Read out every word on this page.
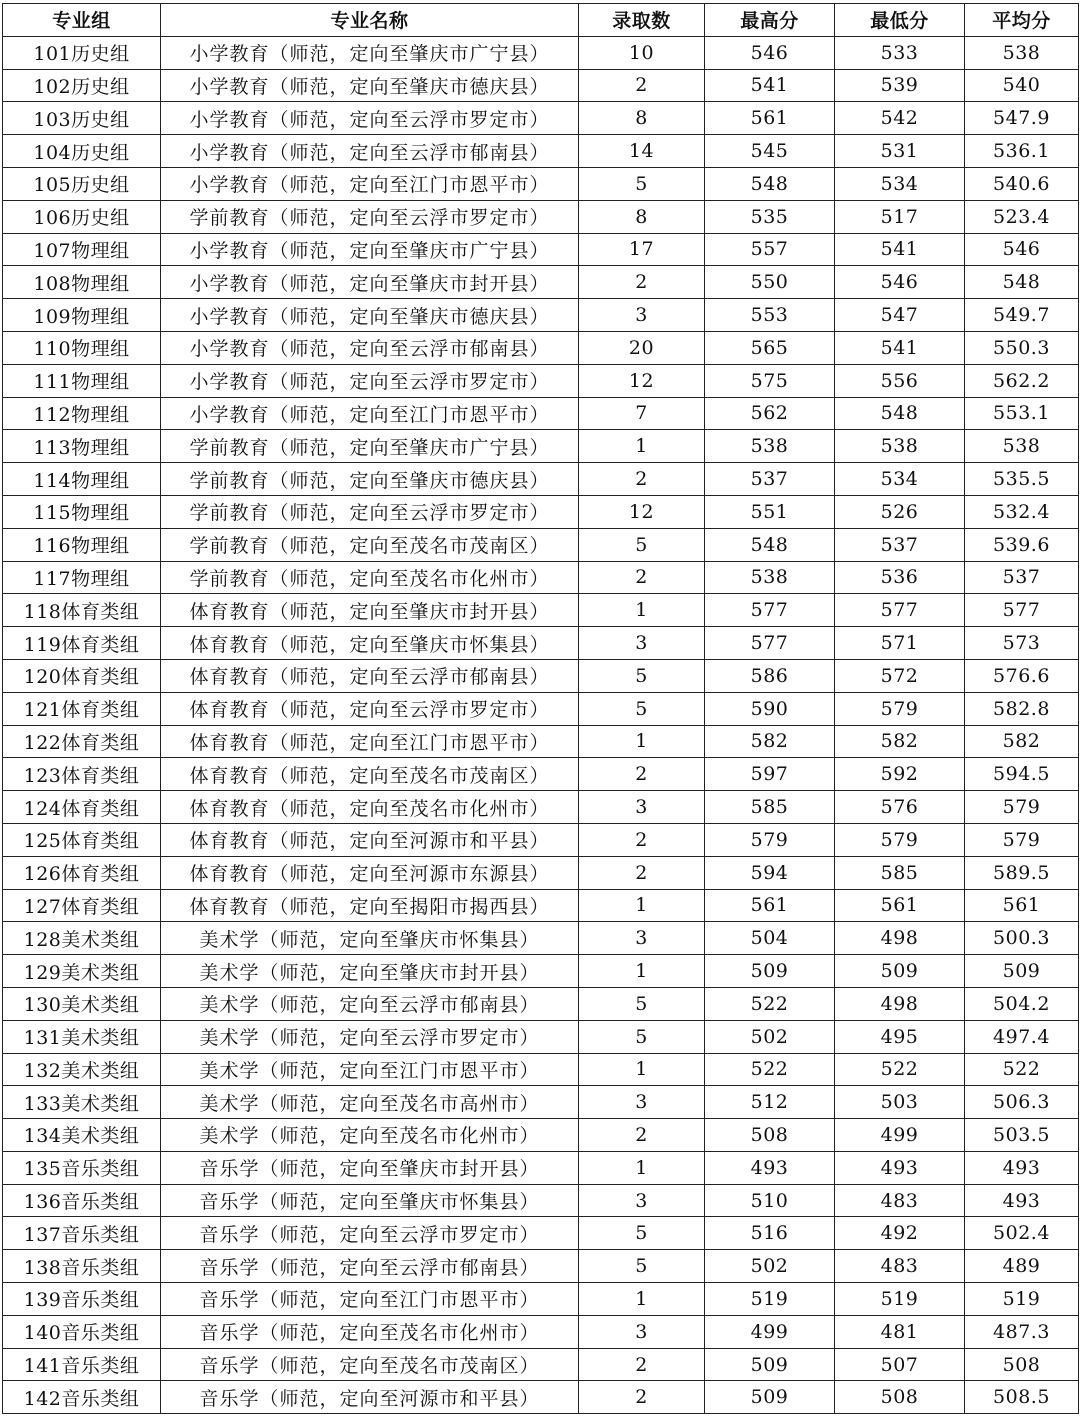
专业组	专业名称	录取数	最高分	最低分	平均分
101历史组	小学教育（师范，定向至肇庆市广宁县）	10	546	533	538
102历史组	小学教育（师范，定向至肇庆市德庆县）	2	541	539	540
103历史组	小学教育（师范，定向至云浮市罗定市）	8	561	542	547.9
104历史组	小学教育（师范，定向至云浮市郁南县）	14	545	531	536.1
105历史组	小学教育（师范，定向至江门市恩平市）	5	548	534	540.6
106历史组	学前教育（师范，定向至云浮市罗定市）	8	535	517	523.4
107物理组	小学教育（师范，定向至肇庆市广宁县）	17	557	541	546
108物理组	小学教育（师范，定向至肇庆市封开县）	2	550	546	548
109物理组	小学教育（师范，定向至肇庆市德庆县）	3	553	547	549.7
110物理组	小学教育（师范，定向至云浮市郁南县）	20	565	541	550.3
111物理组	小学教育（师范，定向至云浮市罗定市）	12	575	556	562.2
112物理组	小学教育（师范，定向至江门市恩平市）	7	562	548	553.1
113物理组	学前教育（师范，定向至肇庆市广宁县）	1	538	538	538
114物理组	学前教育（师范，定向至肇庆市德庆县）	2	537	534	535.5
115物理组	学前教育（师范，定向至云浮市罗定市）	12	551	526	532.4
116物理组	学前教育（师范，定向至茂名市茂南区）	5	548	537	539.6
117物理组	学前教育（师范，定向至茂名市化州市）	2	538	536	537
118体育类组	体育教育（师范，定向至肇庆市封开县）	1	577	577	577
119体育类组	体育教育（师范，定向至肇庆市怀集县）	3	577	571	573
120体育类组	体育教育（师范，定向至云浮市郁南县）	5	586	572	576.6
121体育类组	体育教育（师范，定向至云浮市罗定市）	5	590	579	582.8
122体育类组	体育教育（师范，定向至江门市恩平市）	1	582	582	582
123体育类组	体育教育（师范，定向至茂名市茂南区）	2	597	592	594.5
124体育类组	体育教育（师范，定向至茂名市化州市）	3	585	576	579
125体育类组	体育教育（师范，定向至河源市和平县）	2	579	579	579
126体育类组	体育教育（师范，定向至河源市东源县）	2	594	585	589.5
127体育类组	体育教育（师范，定向至揭阳市揭西县）	1	561	561	561
128美术类组	美术学（师范，定向至肇庆市怀集县）	3	504	498	500.3
129美术类组	美术学（师范，定向至肇庆市封开县）	1	509	509	509
130美术类组	美术学（师范，定向至云浮市郁南县）	5	522	498	504.2
131美术类组	美术学（师范，定向至云浮市罗定市）	5	502	495	497.4
132美术类组	美术学（师范，定向至江门市恩平市）	1	522	522	522
133美术类组	美术学（师范，定向至茂名市高州市）	3	512	503	506.3
134美术类组	美术学（师范，定向至茂名市化州市）	2	508	499	503.5
135音乐类组	音乐学（师范，定向至肇庆市封开县）	1	493	493	493
136音乐类组	音乐学（师范，定向至肇庆市怀集县）	3	510	483	493
137音乐类组	音乐学（师范，定向至云浮市罗定市）	5	516	492	502.4
138音乐类组	音乐学（师范，定向至云浮市郁南县）	5	502	483	489
139音乐类组	音乐学（师范，定向至江门市恩平市）	1	519	519	519
140音乐类组	音乐学（师范，定向至茂名市化州市）	3	499	481	487.3
141音乐类组	音乐学（师范，定向至茂名市茂南区）	2	509	507	508
142音乐类组	音乐学（师范，定向至河源市和平县）	2	509	508	508.5
